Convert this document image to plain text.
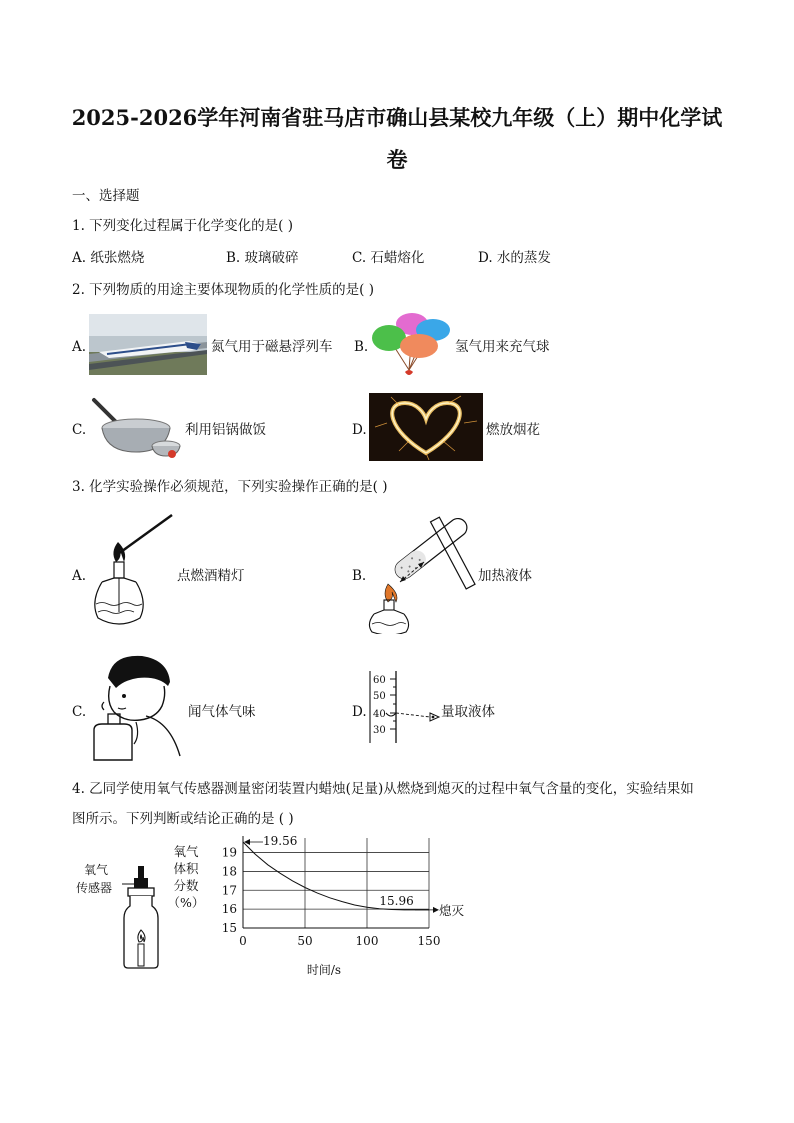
2025-2026学年河南省驻马店市确山县某校九年级（上）期中化学试
卷
一、选择题
1. 下列变化过程属于化学变化的是( )
A. 纸张燃烧	B. 玻璃破碎	C. 石蜡熔化	D. 水的蒸发
2. 下列物质的用途主要体现物质的化学性质的是( )
A.	氮气用于磁悬浮列车 B.	氢气用来充气球
C.	利用铝锅做饭	D.	燃放烟花
3. 化学实验操作必须规范，下列实验操作正确的是( )
A.	点燃酒精灯	B.	加热液体
C.	闻气体气味	D.
60
50
40
30
量取液体
4. 乙同学使用氧气传感器测量密闭装置内蜡烛(足量)从燃烧到熄灭的过程中氧气含量的变化，实验结果如
图所示。下列判断或结论正确的是 ( )
氧气
传感器
氧气
体积
分数
（%）
15
16
17
18
19
0	50	100	150
19.56
15.96
熄灭
时间/s
